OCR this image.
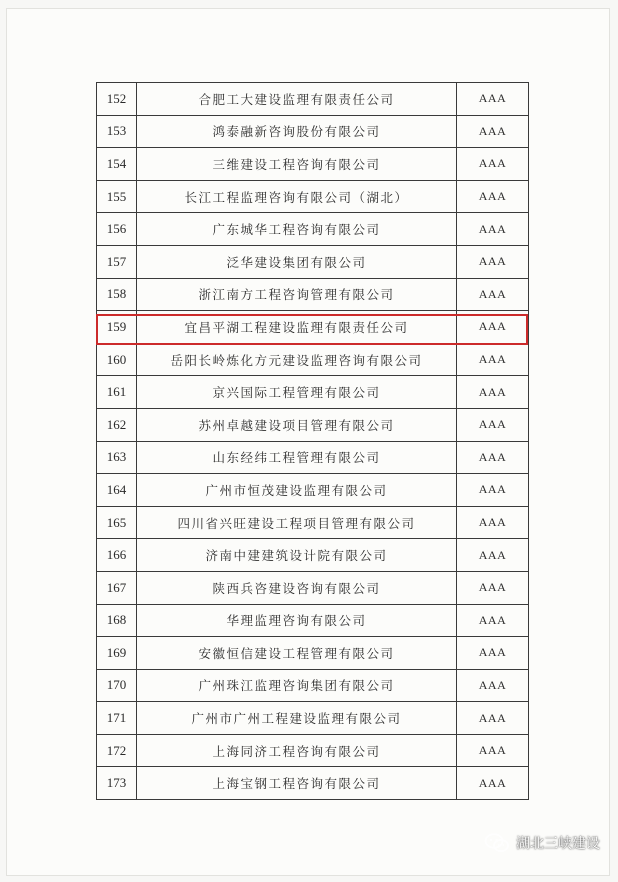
152	合肥工大建设监理有限责任公司	AAA
153	鸿泰融新咨询股份有限公司	AAA
154	三维建设工程咨询有限公司	AAA
155	长江工程监理咨询有限公司（湖北）	AAA
156	广东城华工程咨询有限公司	AAA
157	泛华建设集团有限公司	AAA
158	浙江南方工程咨询管理有限公司	AAA
159	宜昌平湖工程建设监理有限责任公司	AAA
160	岳阳长岭炼化方元建设监理咨询有限公司	AAA
161	京兴国际工程管理有限公司	AAA
162	苏州卓越建设项目管理有限公司	AAA
163	山东经纬工程管理有限公司	AAA
164	广州市恒茂建设监理有限公司	AAA
165	四川省兴旺建设工程项目管理有限公司	AAA
166	济南中建建筑设计院有限公司	AAA
167	陕西兵咨建设咨询有限公司	AAA
168	华理监理咨询有限公司	AAA
169	安徽恒信建设工程管理有限公司	AAA
170	广州珠江监理咨询集团有限公司	AAA
171	广州市广州工程建设监理有限公司	AAA
172	上海同济工程咨询有限公司	AAA
173	上海宝钢工程咨询有限公司	AAA
湖北三峡建设
